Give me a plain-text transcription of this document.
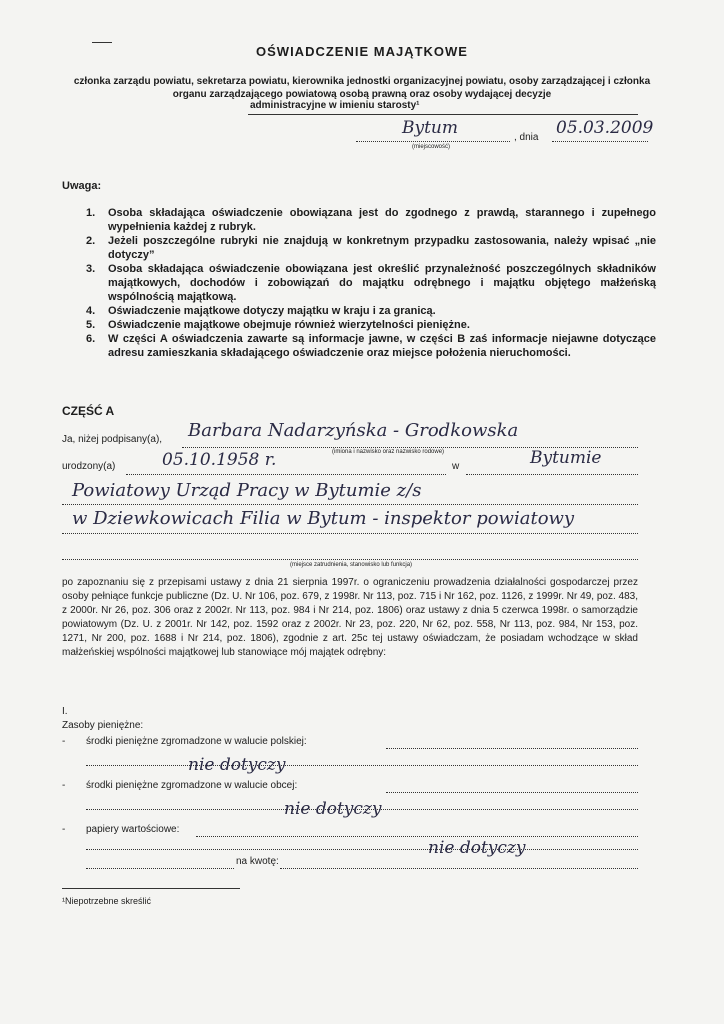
OŚWIADCZENIE MAJĄTKOWE
członka zarządu powiatu, sekretarza powiatu, kierownika jednostki organizacyjnej powiatu, osoby zarządzającej i członka organu zarządzającego powiatową osobą prawną oraz osoby wydającej decyzje
administracyjne w imieniu starosty¹
Bytum
(miejscowość)
, dnia 05.03.2009
Uwaga:
1.	Osoba składająca oświadczenie obowiązana jest do zgodnego z prawdą, starannego i zupełnego wypełnienia każdej z rubryk.
2.	Jeżeli poszczególne rubryki nie znajdują w konkretnym przypadku zastosowania, należy wpisać „nie dotyczy”
3.	Osoba składająca oświadczenie obowiązana jest określić przynależność poszczególnych składników majątkowych, dochodów i zobowiązań do majątku odrębnego i majątku objętego małżeńską wspólnością majątkową.
4.	Oświadczenie majątkowe dotyczy majątku w kraju i za granicą.
5.	Oświadczenie majątkowe obejmuje również wierzytelności pieniężne.
6.	W części A oświadczenia zawarte są informacje jawne, w części B zaś informacje niejawne dotyczące adresu zamieszkania składającego oświadczenie oraz miejsce położenia nieruchomości.
CZĘŚĆ A
Ja, niżej podpisany(a), Barbara Nadarzyńska - Grodkowska
(imiona i nazwisko oraz nazwisko rodowe)
urodzony(a)	05.10.1958 r.	w	Bytumie
Powiatowy Urząd Pracy w Bytumie z/s
w Dziewkowicach Filia w Bytum - inspektor powiatowy
(miejsce zatrudnienia, stanowisko lub funkcja)
po zapoznaniu się z przepisami ustawy z dnia 21 sierpnia 1997r. o ograniczeniu prowadzenia działalności gospodarczej przez osoby pełniące funkcje publiczne (Dz. U. Nr 106, poz. 679, z 1998r. Nr 113, poz. 715 i Nr 162, poz. 1126, z 1999r. Nr 49, poz. 483, z 2000r. Nr 26, poz. 306 oraz z 2002r. Nr 113, poz. 984 i Nr 214, poz. 1806) oraz ustawy z dnia 5 czerwca 1998r. o samorządzie powiatowym (Dz. U. z 2001r. Nr 142, poz. 1592 oraz z 2002r. Nr 23, poz. 220, Nr 62, poz. 558, Nr 113, poz. 984, Nr 153, poz. 1271, Nr 200, poz. 1688 i Nr 214, poz. 1806), zgodnie z art. 25c tej ustawy oświadczam, że posiadam wchodzące w skład małżeńskiej wspólności majątkowej lub stanowiące mój majątek odrębny:
I.
Zasoby pieniężne:
- środki pieniężne zgromadzone w walucie polskiej:
nie dotyczy
- środki pieniężne zgromadzone w walucie obcej:
nie dotyczy
- papiery wartościowe:
nie dotyczy
na kwotę:
¹Niepotrzebne skreślić
